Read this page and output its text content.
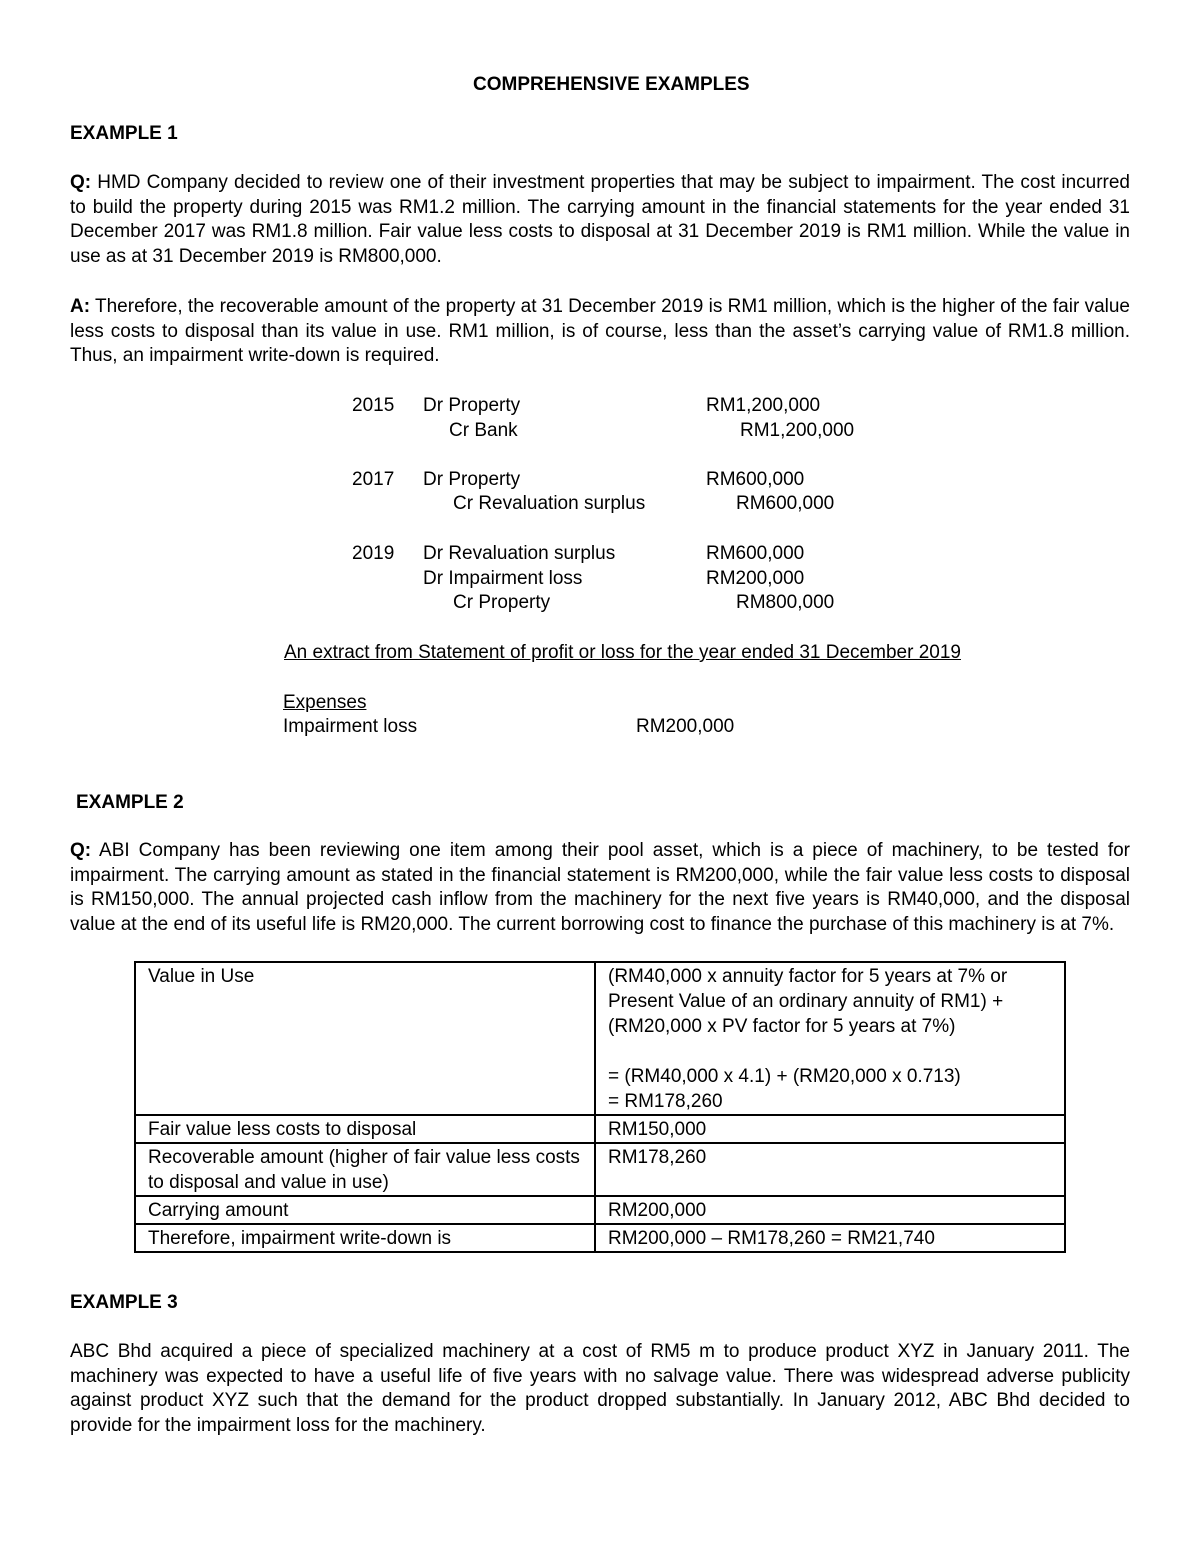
COMPREHENSIVE EXAMPLES
EXAMPLE 1
Q: HMD Company decided to review one of their investment properties that may be subject to impairment. The cost incurred to build the property during 2015 was RM1.2 million. The carrying amount in the financial statements for the year ended 31 December 2017 was RM1.8 million. Fair value less costs to disposal at 31 December 2019 is RM1 million. While the value in use as at 31 December 2019 is RM800,000.
A: Therefore, the recoverable amount of the property at 31 December 2019 is RM1 million, which is the higher of the fair value less costs to disposal than its value in use. RM1 million, is of course, less than the asset’s carrying value of RM1.8 million. Thus, an impairment write-down is required.
2015 Dr Property	RM1,200,000
Cr Bank	RM1,200,000
2017 Dr Property	RM600,000
Cr Revaluation surplus	RM600,000
2019 Dr Revaluation surplus	RM600,000
Dr Impairment loss	RM200,000
Cr Property	RM800,000
An extract from Statement of profit or loss for the year ended 31 December 2019
Expenses
Impairment loss	RM200,000
EXAMPLE 2
Q: ABI Company has been reviewing one item among their pool asset, which is a piece of machinery, to be tested for impairment. The carrying amount as stated in the financial statement is RM200,000, while the fair value less costs to disposal is RM150,000. The annual projected cash inflow from the machinery for the next five years is RM40,000, and the disposal value at the end of its useful life is RM20,000. The current borrowing cost to finance the purchase of this machinery is at 7%.
Value in Use	(RM40,000 x annuity factor for 5 years at 7% or Present Value of an ordinary annuity of RM1) + (RM20,000 x PV factor for 5 years at 7%)

= (RM40,000 x 4.1) + (RM20,000 x 0.713)
= RM178,260
Fair value less costs to disposal	RM150,000
Recoverable amount (higher of fair value less costs to disposal and value in use)	RM178,260
Carrying amount	RM200,000
Therefore, impairment write-down is	RM200,000 – RM178,260 = RM21,740
EXAMPLE 3
ABC Bhd acquired a piece of specialized machinery at a cost of RM5 m to produce product XYZ in January 2011. The machinery was expected to have a useful life of five years with no salvage value. There was widespread adverse publicity against product XYZ such that the demand for the product dropped substantially. In January 2012, ABC Bhd decided to provide for the impairment loss for the machinery.
